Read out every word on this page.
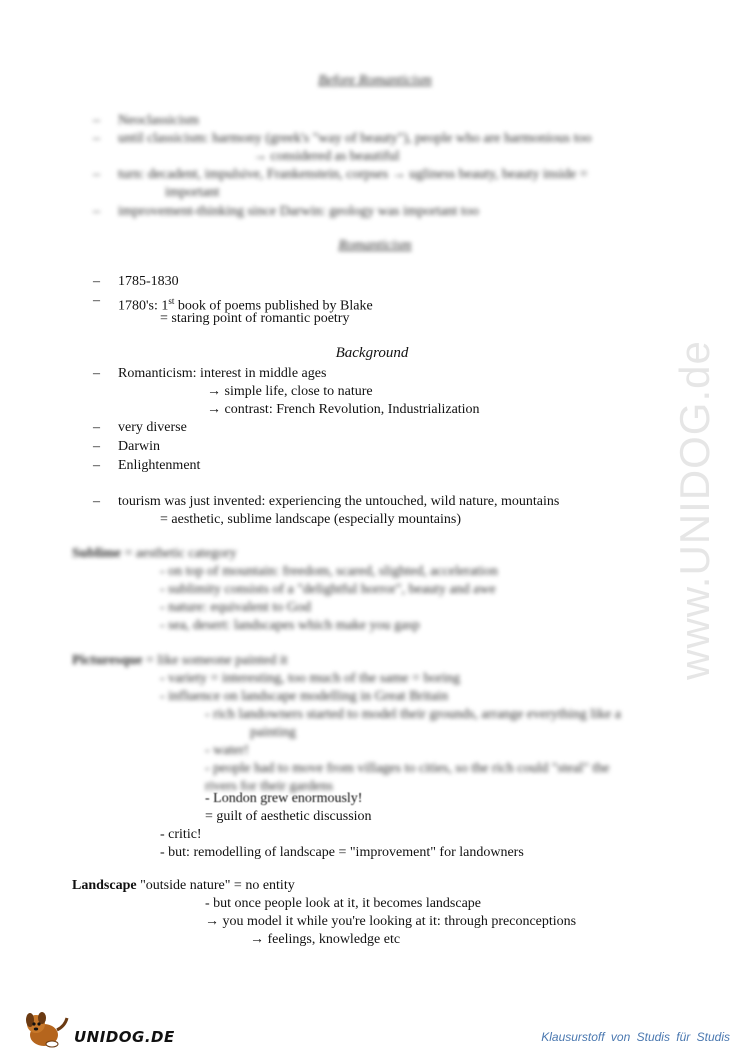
Before Romanticism
– Neoclassicism
– until classicism: harmony (greek's "way of beauty"), people who are harmonious too
→ considered as beautiful
– turn: decadent, impulsive, Frankenstein, corpses → ugliness beauty, beauty inside =
important
– improvement-thinking since Darwin: geology was important too
Romanticism
– 1785-1830
– 1780's: 1st book of poems published by Blake
= staring point of romantic poetry
Background
– Romanticism: interest in middle ages
→ simple life, close to nature
→ contrast: French Revolution, Industrialization
– very diverse
– Darwin
– Enlightenment
– tourism was just invented: experiencing the untouched, wild nature, mountains
= aesthetic, sublime landscape (especially mountains)
Sublime = aesthetic category
- on top of mountain: freedom, scared, slighted, acceleration
- sublimity consists of a "delightful horror", beauty and awe
- nature: equivalent to God
- sea, desert: landscapes which make you gasp
Picturesque = like someone painted it
- variety = interesting, too much of the same = boring
- influence on landscape modelling in Great Britain
- rich landowners started to model their grounds, arrange everything like a
painting
- water!
- people had to move from villages to cities, so the rich could "steal" the
rivers for their gardens
- London grew enormously!
= guilt of aesthetic discussion
- critic!
- but: remodelling of landscape = "improvement" for landowners
Landscape "outside nature" = no entity
- but once people look at it, it becomes landscape
→ you model it while you're looking at it: through preconceptions
→ feelings, knowledge etc
www.UNIDOG.de
UNIDOG.DE	Klausurstoff von Studis für Studis
